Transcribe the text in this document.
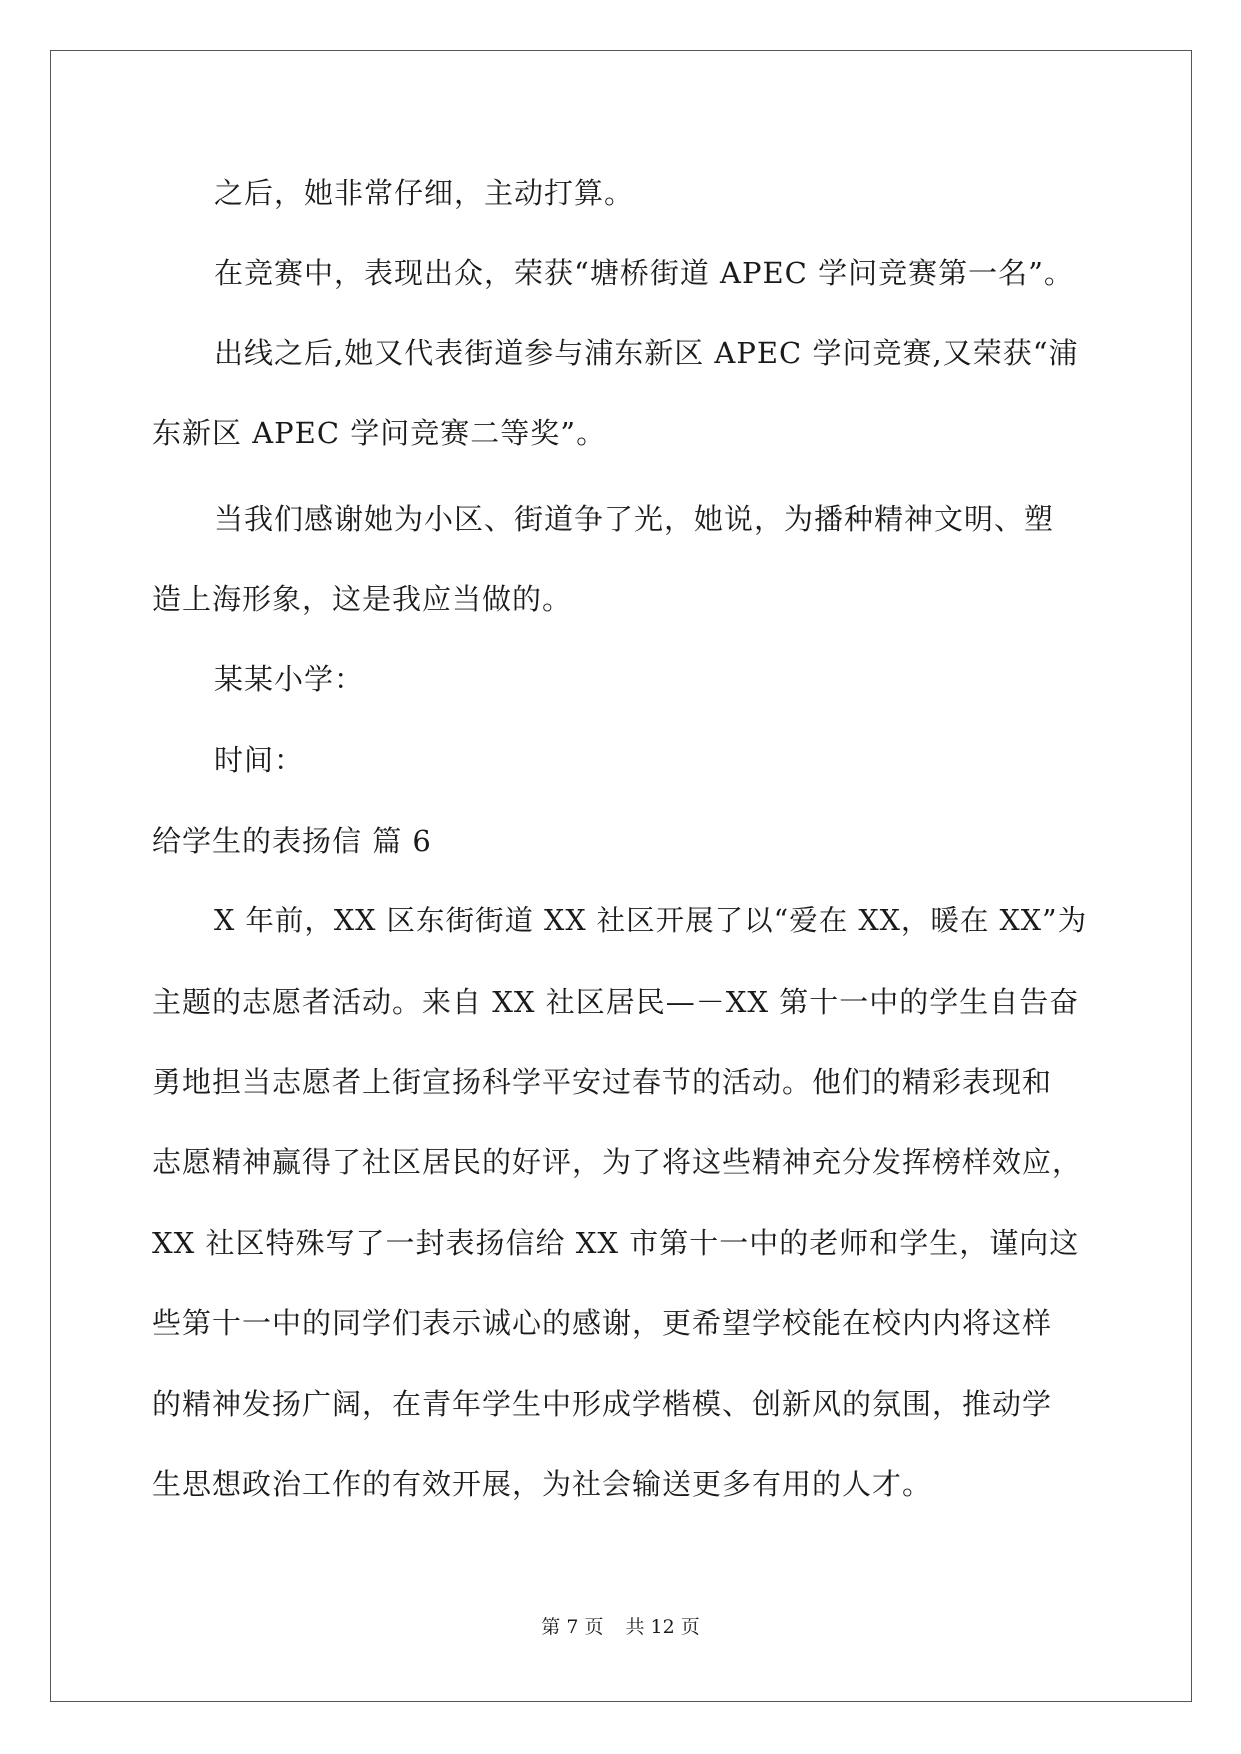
之后，她非常仔细，主动打算。
在竞赛中，表现出众，荣获“塘桥街道 APEC 学问竞赛第一名”。
出线之后,她又代表街道参与浦东新区 APEC 学问竞赛,又荣获“浦
东新区 APEC 学问竞赛二等奖”。
当我们感谢她为小区、街道争了光，她说，为播种精神文明、塑
造上海形象，这是我应当做的。
某某小学：
时间：
给学生的表扬信 篇 6
X 年前，XX 区东街街道 XX 社区开展了以“爱在 XX，暖在 XX”为
主题的志愿者活动。来自 XX 社区居民—－XX 第十一中的学生自告奋
勇地担当志愿者上街宣扬科学平安过春节的活动。他们的精彩表现和
志愿精神赢得了社区居民的好评，为了将这些精神充分发挥榜样效应，
XX 社区特殊写了一封表扬信给 XX 市第十一中的老师和学生，谨向这
些第十一中的同学们表示诚心的感谢，更希望学校能在校内内将这样
的精神发扬广阔，在青年学生中形成学楷模、创新风的氛围，推动学
生思想政治工作的有效开展，为社会输送更多有用的人才。
第 7 页 共 12 页
